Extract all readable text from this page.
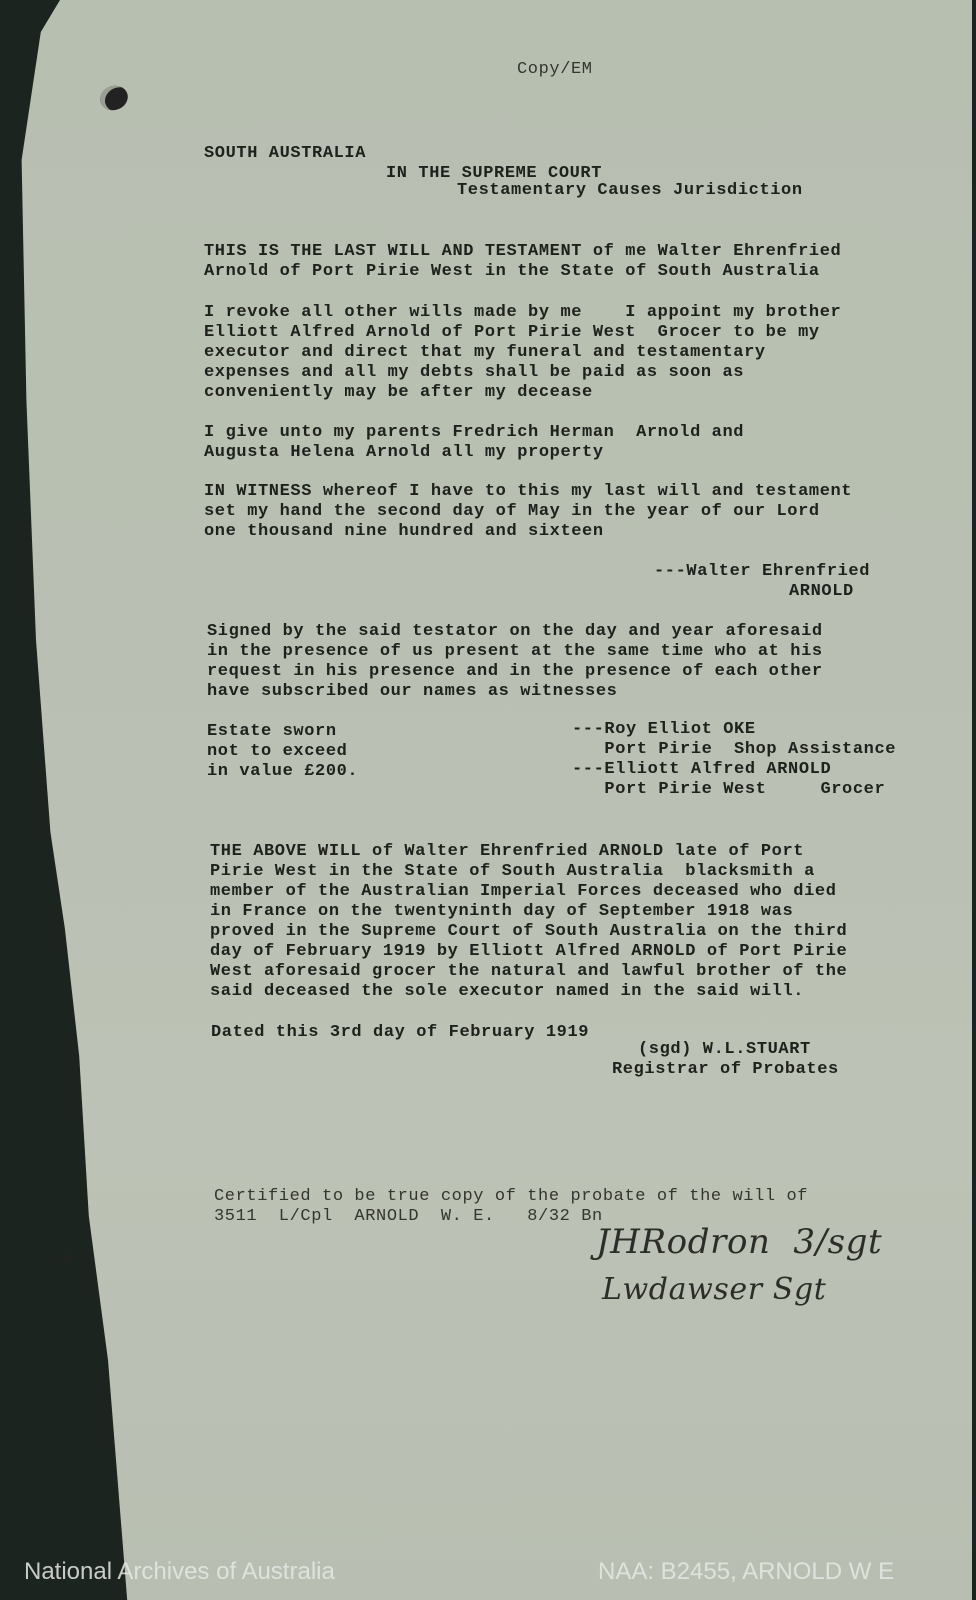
Copy/EM
SOUTH AUSTRALIA
IN THE SUPREME COURT
Testamentary Causes Jurisdiction
THIS IS THE LAST WILL AND TESTAMENT of me Walter Ehrenfried
Arnold of Port Pirie West in the State of South Australia
I revoke all other wills made by me    I appoint my brother
Elliott Alfred Arnold of Port Pirie West  Grocer to be my
executor and direct that my funeral and testamentary
expenses and all my debts shall be paid as soon as
conveniently may be after my decease
I give unto my parents Fredrich Herman  Arnold and
Augusta Helena Arnold all my property
IN WITNESS whereof I have to this my last will and testament
set my hand the second day of May in the year of our Lord
one thousand nine hundred and sixteen
---Walter Ehrenfried
ARNOLD
Signed by the said testator on the day and year aforesaid
in the presence of us present at the same time who at his
request in his presence and in the presence of each other
have subscribed our names as witnesses
Estate sworn
not to exceed
in value £200.
---Roy Elliot OKE
Port Pirie  Shop Assistance
---Elliott Alfred ARNOLD
Port Pirie West     Grocer
THE ABOVE WILL of Walter Ehrenfried ARNOLD late of Port
Pirie West in the State of South Australia  blacksmith a
member of the Australian Imperial Forces deceased who died
in France on the twentyninth day of September 1918 was
proved in the Supreme Court of South Australia on the third
day of February 1919 by Elliott Alfred ARNOLD of Port Pirie
West aforesaid grocer the natural and lawful brother of the
said deceased the sole executor named in the said will.
Dated this 3rd day of February 1919
(sgd) W.L.STUART
Registrar of Probates
Certified to be true copy of the probate of the will of
3511  L/Cpl  ARNOLD  W. E.   8/32 Bn
JHRodron  3/sgt
Lwdawser Sgt
National Archives of Australia	NAA: B2455, ARNOLD W E
